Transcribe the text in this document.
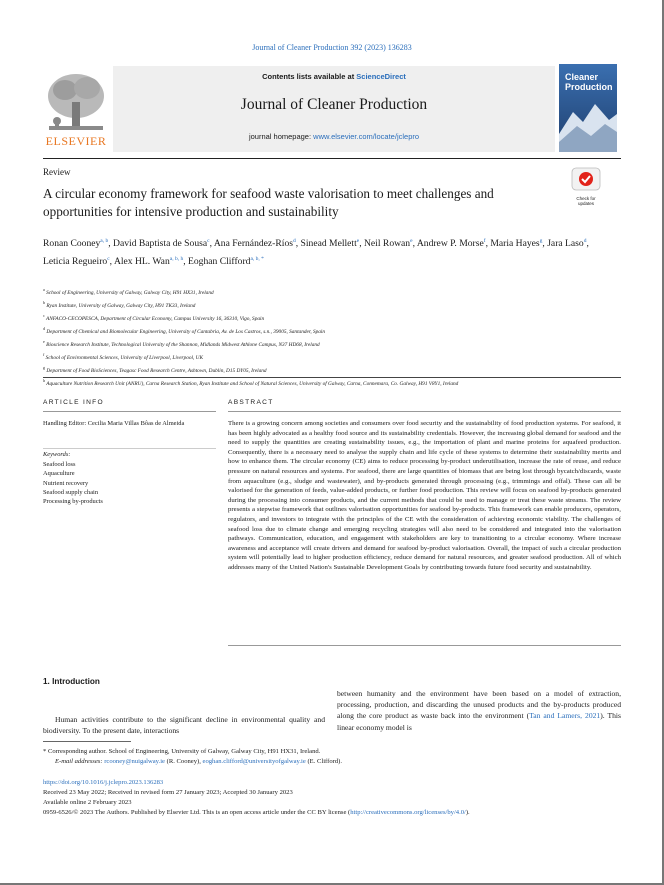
Journal of Cleaner Production 392 (2023) 136283
ELSEVIER
Contents lists available at ScienceDirect
Journal of Cleaner Production
journal homepage: www.elsevier.com/locate/jclepro
Cleaner
Production
Review
A circular economy framework for seafood waste valorisation to meet challenges and opportunities for intensive production and sustainability
Check for updates
Ronan Cooney$^{a, b}$, David Baptista de Sousa$^c$, Ana Fernández-Ríos$^d$, Sinead Mellett$^e$, Neil Rowan$^e$, Andrew P. Morse$^f$, Maria Hayes$^g$, Jara Laso$^d$, Leticia Regueiro$^c$, Alex HL. Wan$^{a, b, h}$, Eoghan Clifford$^{a, b, *}$
$^a$ School of Engineering, University of Galway, Galway City, H91 HX31, Ireland
$^b$ Ryan Institute, University of Galway, Galway City, H91 TK33, Ireland
$^c$ ANFACO-CECOPESCA, Department of Circular Economy, Campus University 16, 36310, Vigo, Spain
$^d$ Department of Chemical and Biomolecular Engineering, University of Cantabria, Av. de Los Castros, s.n., 39005, Santander, Spain
$^e$ Bioscience Research Institute, Technological University of the Shannon, Midlands Midwest Athlone Campus, N37 HD68, Ireland
$^f$ School of Environmental Sciences, University of Liverpool, Liverpool, UK
$^g$ Department of Food BioSciences, Teagasc Food Research Centre, Ashtown, Dublin, D15 DY05, Ireland
$^h$ Aquaculture Nutrition Research Unit (ANRU), Carna Research Station, Ryan Institute and School of Natural Sciences, University of Galway, Carna, Connemara, Co. Galway, H91 V8Y1, Ireland
ARTICLE INFO	ABSTRACT
Handling Editor: Cecilia Maria Villas Bôas de Almeida
Keywords:
Seafood loss
Aquaculture
Nutrient recovery
Seafood supply chain
Processing by-products

There is a growing concern among societies and consumers over food security and the sustainability of food production systems. For seafood, it has been highly advocated as a healthy food source and its sustainability credentials. However, the increasing global demand for seafood and the need to supply the quantities are creating sustainability issues, e.g., the importation of plant and marine proteins for aquafeed production. Consequently, there is a necessary need to analyse the supply chain and life cycle of these systems to determine their sustainability merits and how to enhance them. The circular economy (CE) aims to reduce processing by-product underutilisation, increase the rate of reuse, and reduce pressure on natural resources and systems. For seafood, there are large quantities of biomass that are being lost through bycatch/discards, waste from aquaculture (e.g., sludge and wastewater), and by-products generated through processing (e.g., trimmings and offal). These can all be valorised for the generation of feeds, value-added products, or further food production. This review will focus on seafood by-products generated during the processing into consumer products, and the current methods that could be used to manage or treat these waste streams. The review presents a stepwise framework that outlines valorisation opportunities for seafood by-products. This framework can enable producers, operators, regulators, and investors to integrate with the principles of the CE with the consideration of achieving economic viability. The challenges of seafood loss due to climate change and emerging recycling strategies will also need to be considered and integrated into the valorisation pathways. Communication, education, and engagement with stakeholders are key to transitioning to a circular economy. Where increase awareness and acceptance will create drivers and demand for seafood by-product valorisation. Overall, the impact of such a circular production system will potentially lead to higher production efficiency, reduce demand for natural resources, and greater seafood production. All of which addresses many of the United Nation's Sustainable Development Goals by contributing towards future food security and sustainability.

1. Introduction

Human activities contribute to the significant decline in environmental quality and biodiversity. To the present date, interactions

between humanity and the environment have been based on a model of extraction, processing, production, and discarding the unused products and the by-products produced along the core product as waste back into the environment (Tan and Lamers, 2021). This linear economy model is

* Corresponding author. School of Engineering, University of Galway, Galway City, H91 HX31, Ireland.
E-mail addresses: rcooney@nuigalway.ie (R. Cooney), eoghan.clifford@universityofgalway.ie (E. Clifford).
https://doi.org/10.1016/j.jclepro.2023.136283
Received 23 May 2022; Received in revised form 27 January 2023; Accepted 30 January 2023
Available online 2 February 2023
0959-6526/© 2023 The Authors. Published by Elsevier Ltd. This is an open access article under the CC BY license (http://creativecommons.org/licenses/by/4.0/).
